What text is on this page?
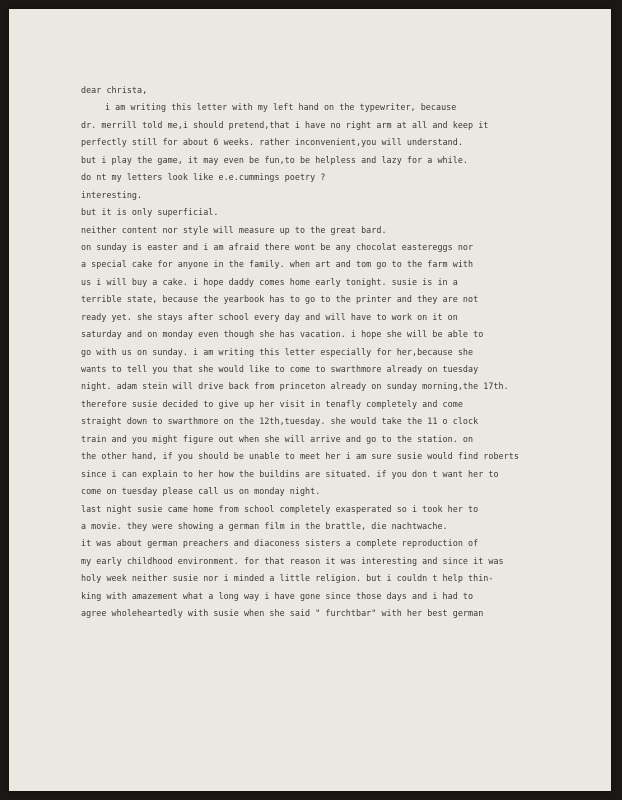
dear christa,
i am writing this letter with my left hand on the typewriter, because
dr. merrill told me,i should pretend,that i have no right arm at all and keep it
perfectly still for about 6 weeks. rather inconvenient,you will understand.
but i play the game, it may even be fun,to be helpless and lazy for a while.
do nt my letters look like e.e.cummings poetry ?
interesting.
but it is only superficial.
neither content nor style will measure up to the great bard.
on sunday is easter and i am afraid there wont be any chocolat eastereggs nor
a special cake for anyone in the family. when art and tom go to the farm with
us i will buy a cake. i hope daddy comes home early tonight. susie is in a
terrible state, because the yearbook has to go to the printer and they are not
ready yet. she stays after school every day and will have to work on it on
saturday and on monday even though she has vacation. i hope she will be able to
go with us on sunday. i am writing this letter especially for her,because she
wants to tell you that she would like to come to swarthmore already on tuesday
night. adam stein will drive back from princeton already on sunday morning,the 17th.
therefore susie decided to give up her visit in tenafly completely and come
straight down to swarthmore on the 12th,tuesday. she would take the 11 o clock
train and you might figure out when she will arrive and go to the station. on
the other hand, if you should be unable to meet her i am sure susie would find roberts
since i can explain to her how the buildins are situated. if you don t want her to
come on tuesday please call us on monday night.
last night susie came home from school completely exasperated so i took her to
a movie. they were showing a german film in the brattle, die nachtwache.
it was about german preachers and diaconess sisters a complete reproduction of
my early childhood environment. for that reason it was interesting and since it was
holy week neither susie nor i minded a little religion. but i couldn t help thin-
king with amazement what a long way i have gone since those days and i had to
agree wholeheartedly with susie when she said " furchtbar" with her best german
